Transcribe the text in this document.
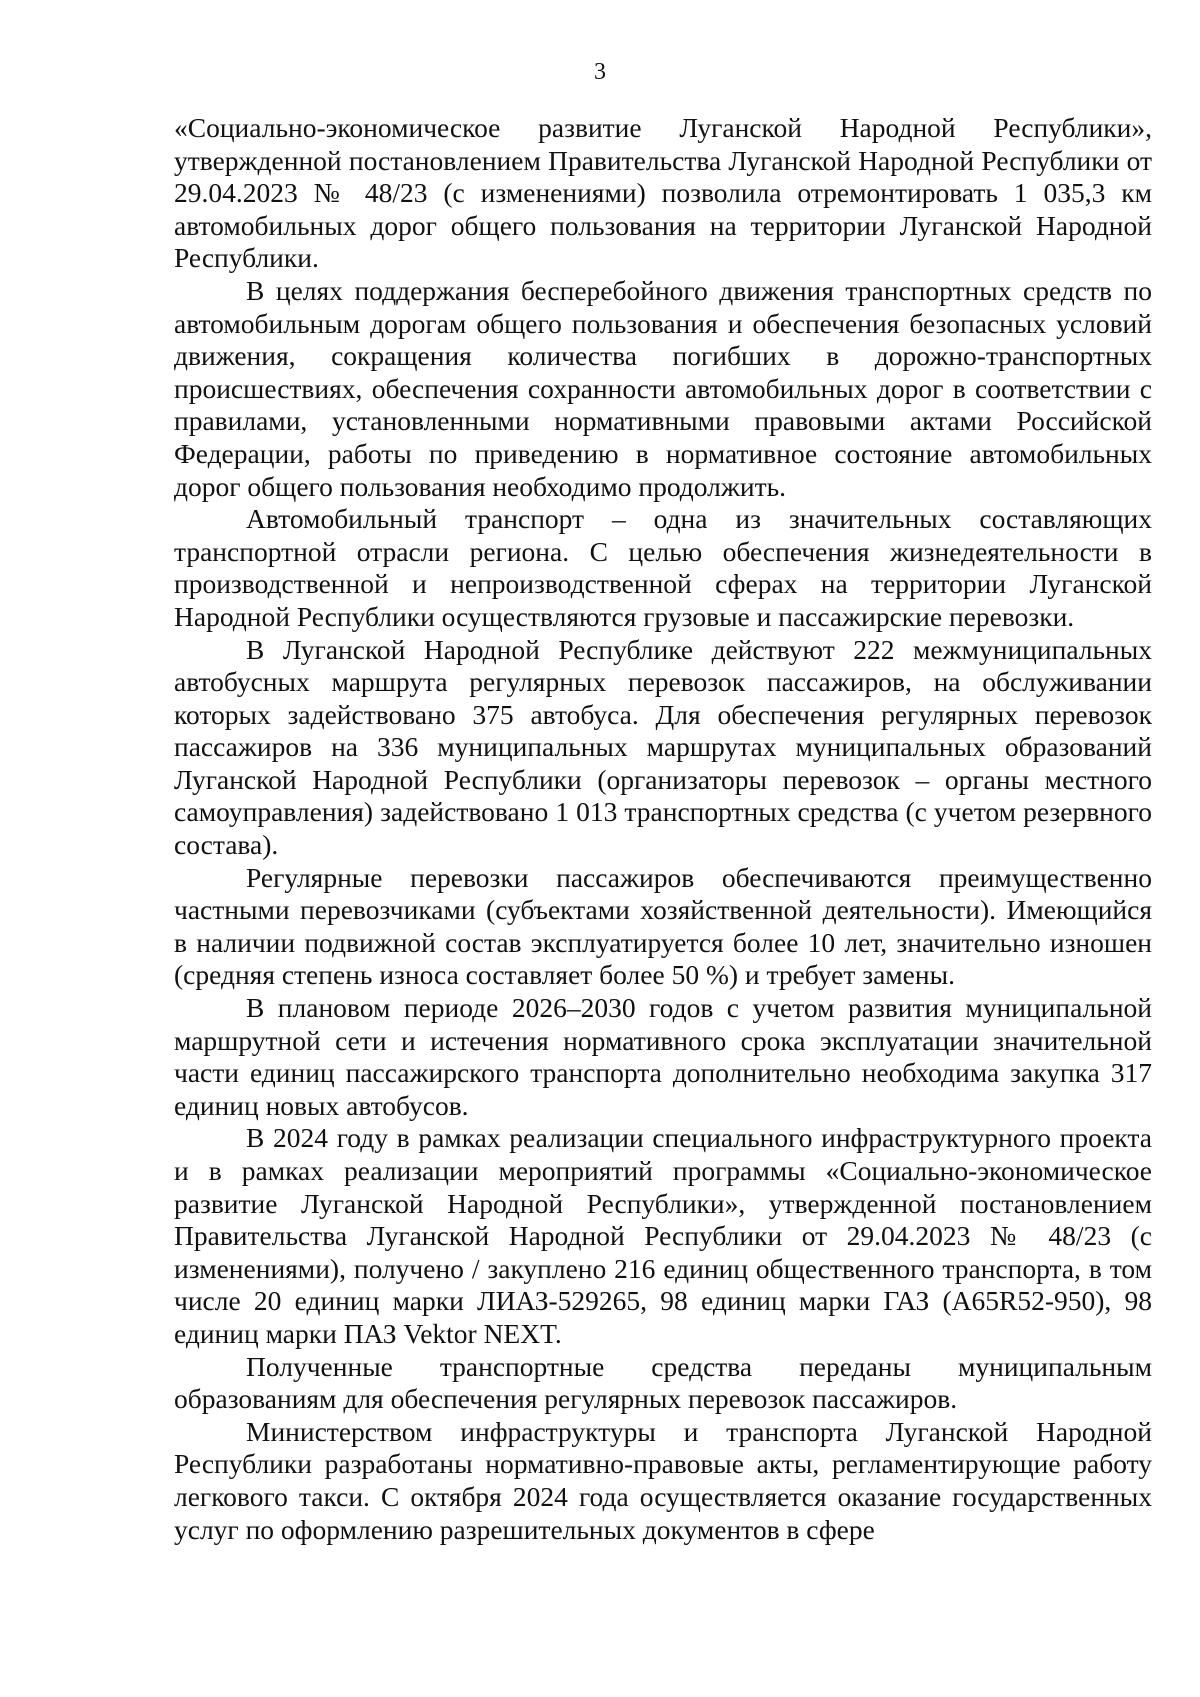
3

«Социально-экономическое развитие Луганской Народной Республики», утвержденной постановлением Правительства Луганской Народной Республики от 29.04.2023 № 48/23 (с изменениями) позволила отремонтировать 1 035,3 км автомобильных дорог общего пользования на территории Луганской Народной Республики.

В целях поддержания бесперебойного движения транспортных средств по автомобильным дорогам общего пользования и обеспечения безопасных условий движения, сокращения количества погибших в дорожно-транспортных происшествиях, обеспечения сохранности автомобильных дорог в соответствии с правилами, установленными нормативными правовыми актами Российской Федерации, работы по приведению в нормативное состояние автомобильных дорог общего пользования необходимо продолжить.

Автомобильный транспорт – одна из значительных составляющих транспортной отрасли региона. С целью обеспечения жизнедеятельности в производственной и непроизводственной сферах на территории Луганской Народной Республики осуществляются грузовые и пассажирские перевозки.

В Луганской Народной Республике действуют 222 межмуниципальных автобусных маршрута регулярных перевозок пассажиров, на обслуживании которых задействовано 375 автобуса. Для обеспечения регулярных перевозок пассажиров на 336 муниципальных маршрутах муниципальных образований Луганской Народной Республики (организаторы перевозок – органы местного самоуправления) задействовано 1 013 транспортных средства (с учетом резервного состава).

Регулярные перевозки пассажиров обеспечиваются преимущественно частными перевозчиками (субъектами хозяйственной деятельности). Имеющийся в наличии подвижной состав эксплуатируется более 10 лет, значительно изношен (средняя степень износа составляет более 50 %) и требует замены.

В плановом периоде 2026–2030 годов с учетом развития муниципальной маршрутной сети и истечения нормативного срока эксплуатации значительной части единиц пассажирского транспорта дополнительно необходима закупка 317 единиц новых автобусов.

В 2024 году в рамках реализации специального инфраструктурного проекта и в рамках реализации мероприятий программы «Социально-экономическое развитие Луганской Народной Республики», утвержденной постановлением Правительства Луганской Народной Республики от 29.04.2023 № 48/23 (с изменениями), получено / закуплено 216 единиц общественного транспорта, в том числе 20 единиц марки ЛИАЗ-529265, 98 единиц марки ГАЗ (A65R52-950), 98 единиц марки ПАЗ Vektor NEXT.

Полученные транспортные средства переданы муниципальным образованиям для обеспечения регулярных перевозок пассажиров.

Министерством инфраструктуры и транспорта Луганской Народной Республики разработаны нормативно-правовые акты, регламентирующие работу легкового такси. С октября 2024 года осуществляется оказание государственных услуг по оформлению разрешительных документов в сфере
